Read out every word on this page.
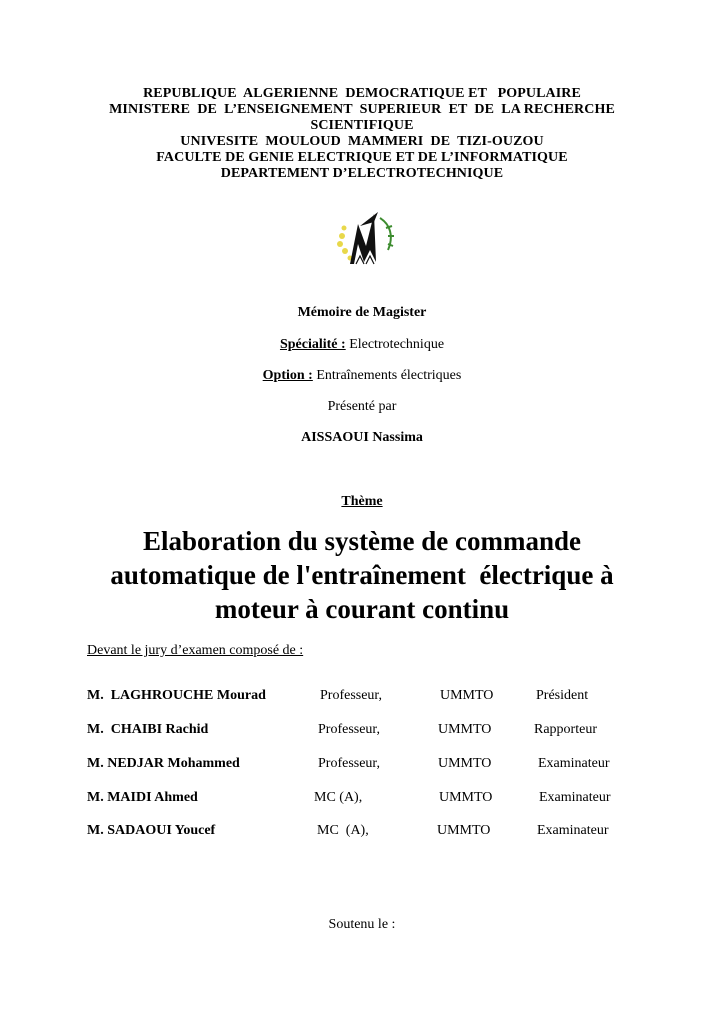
REPUBLIQUE  ALGERIENNE  DEMOCRATIQUE ET   POPULAIRE
MINISTERE  DE  L’ENSEIGNEMENT  SUPERIEUR  ET  DE  LA RECHERCHE
SCIENTIFIQUE
UNIVESITE  MOULOUD  MAMMERI  DE  TIZI-OUZOU
FACULTE DE GENIE ELECTRIQUE ET DE L’INFORMATIQUE
DEPARTEMENT D’ELECTROTECHNIQUE
Mémoire de Magister
Spécialité : Electrotechnique
Option : Entraînements électriques
Présenté par
AISSAOUI Nassima
Thème
Elaboration du système de commande
automatique de l'entraînement  électrique à
moteur à courant continu
Devant le jury d’examen composé de :
M.  LAGHROUCHE Mourad	Professeur,	UMMTO	Président
M.  CHAIBI Rachid	Professeur,	UMMTO	Rapporteur
M. NEDJAR Mohammed	Professeur,	UMMTO	Examinateur
M. MAIDI Ahmed	MC (A),	UMMTO	Examinateur
M. SADAOUI Youcef	MC  (A),	UMMTO	Examinateur
Soutenu le :
